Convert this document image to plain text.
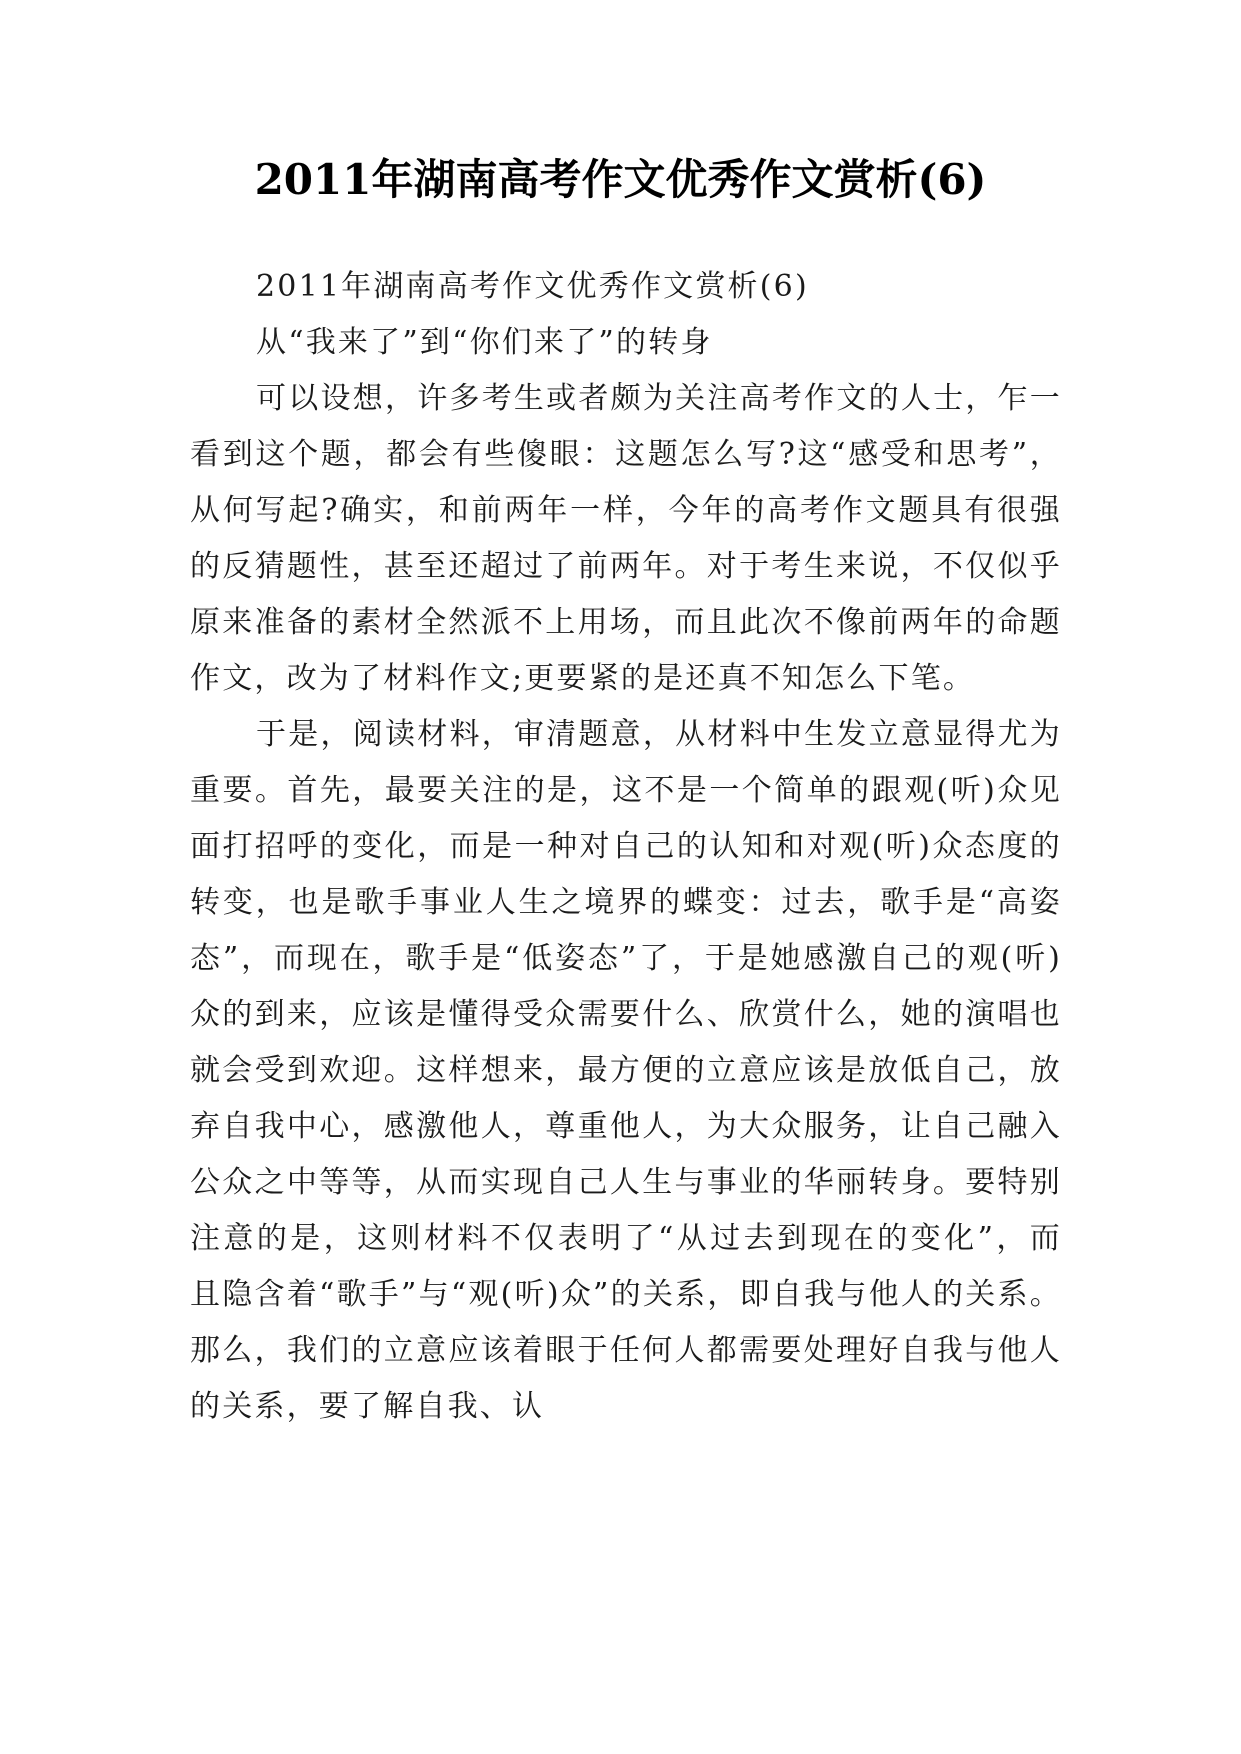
2011年湖南高考作文优秀作文赏析(6)

2011年湖南高考作文优秀作文赏析(6)

从“我来了”到“你们来了”的转身

可以设想，许多考生或者颇为关注高考作文的人士，乍一看到这个题，都会有些傻眼：这题怎么写?这“感受和思考”，从何写起?确实，和前两年一样，今年的高考作文题具有很强的反猜题性，甚至还超过了前两年。对于考生来说，不仅似乎原来准备的素材全然派不上用场，而且此次不像前两年的命题作文，改为了材料作文;更要紧的是还真不知怎么下笔。

于是，阅读材料，审清题意，从材料中生发立意显得尤为重要。首先，最要关注的是，这不是一个简单的跟观(听)众见面打招呼的变化，而是一种对自己的认知和对观(听)众态度的转变，也是歌手事业人生之境界的蝶变：过去，歌手是“高姿态”，而现在，歌手是“低姿态”了，于是她感激自己的观(听)众的到来，应该是懂得受众需要什么、欣赏什么，她的演唱也就会受到欢迎。这样想来，最方便的立意应该是放低自己，放弃自我中心，感激他人，尊重他人，为大众服务，让自己融入公众之中等等，从而实现自己人生与事业的华丽转身。要特别注意的是，这则材料不仅表明了“从过去到现在的变化”，而且隐含着“歌手”与“观(听)众”的关系，即自我与他人的关系。那么，我们的立意应该着眼于任何人都需要处理好自我与他人的关系，要了解自我、认
